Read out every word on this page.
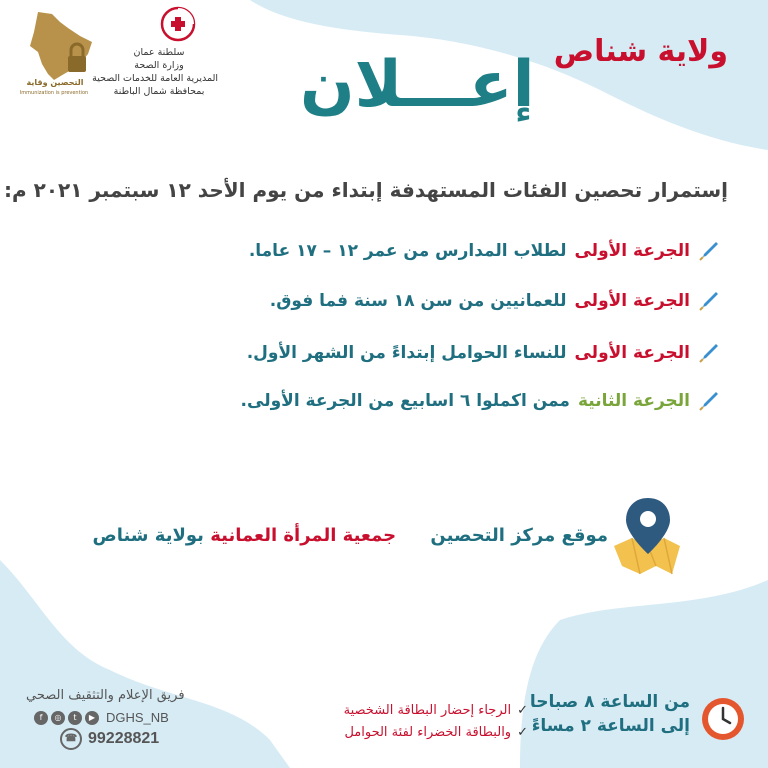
ولاية شناص
إعـــلان
سلطنة عمان
وزارة الصحة
المديرية العامة للخدمات الصحية
بمحافظة شمال الباطنة
التحصين وقاية
Immunization is prevention
إستمرار تحصين الفئات المستهدفة إبتداء من يوم الأحد ١٢ سبتمبر ٢٠٢١ م:
الجرعة الأولى
لطلاب المدارس من عمر ١٢ – ١٧ عاما.
الجرعة الأولى
للعمانيين من سن ١٨ سنة فما فوق.
الجرعة الأولى
للنساء الحوامل إبتداءً من الشهر الأول.
الجرعة الثانية
ممن اكملوا ٦ اسابيع من الجرعة الأولى.
موقع مركز التحصين جمعية المرأة العمانية بولاية شناص
من الساعة ٨ صباحا
إلى الساعة ٢ مساءً
✓الرجاء إحضار البطاقة الشخصية
✓والبطاقة الخضراء لفئة الحوامل
فريق الإعلام والتثقيف الصحي
f	◎	t	▶ DGHS_NB
☎ 99228821
